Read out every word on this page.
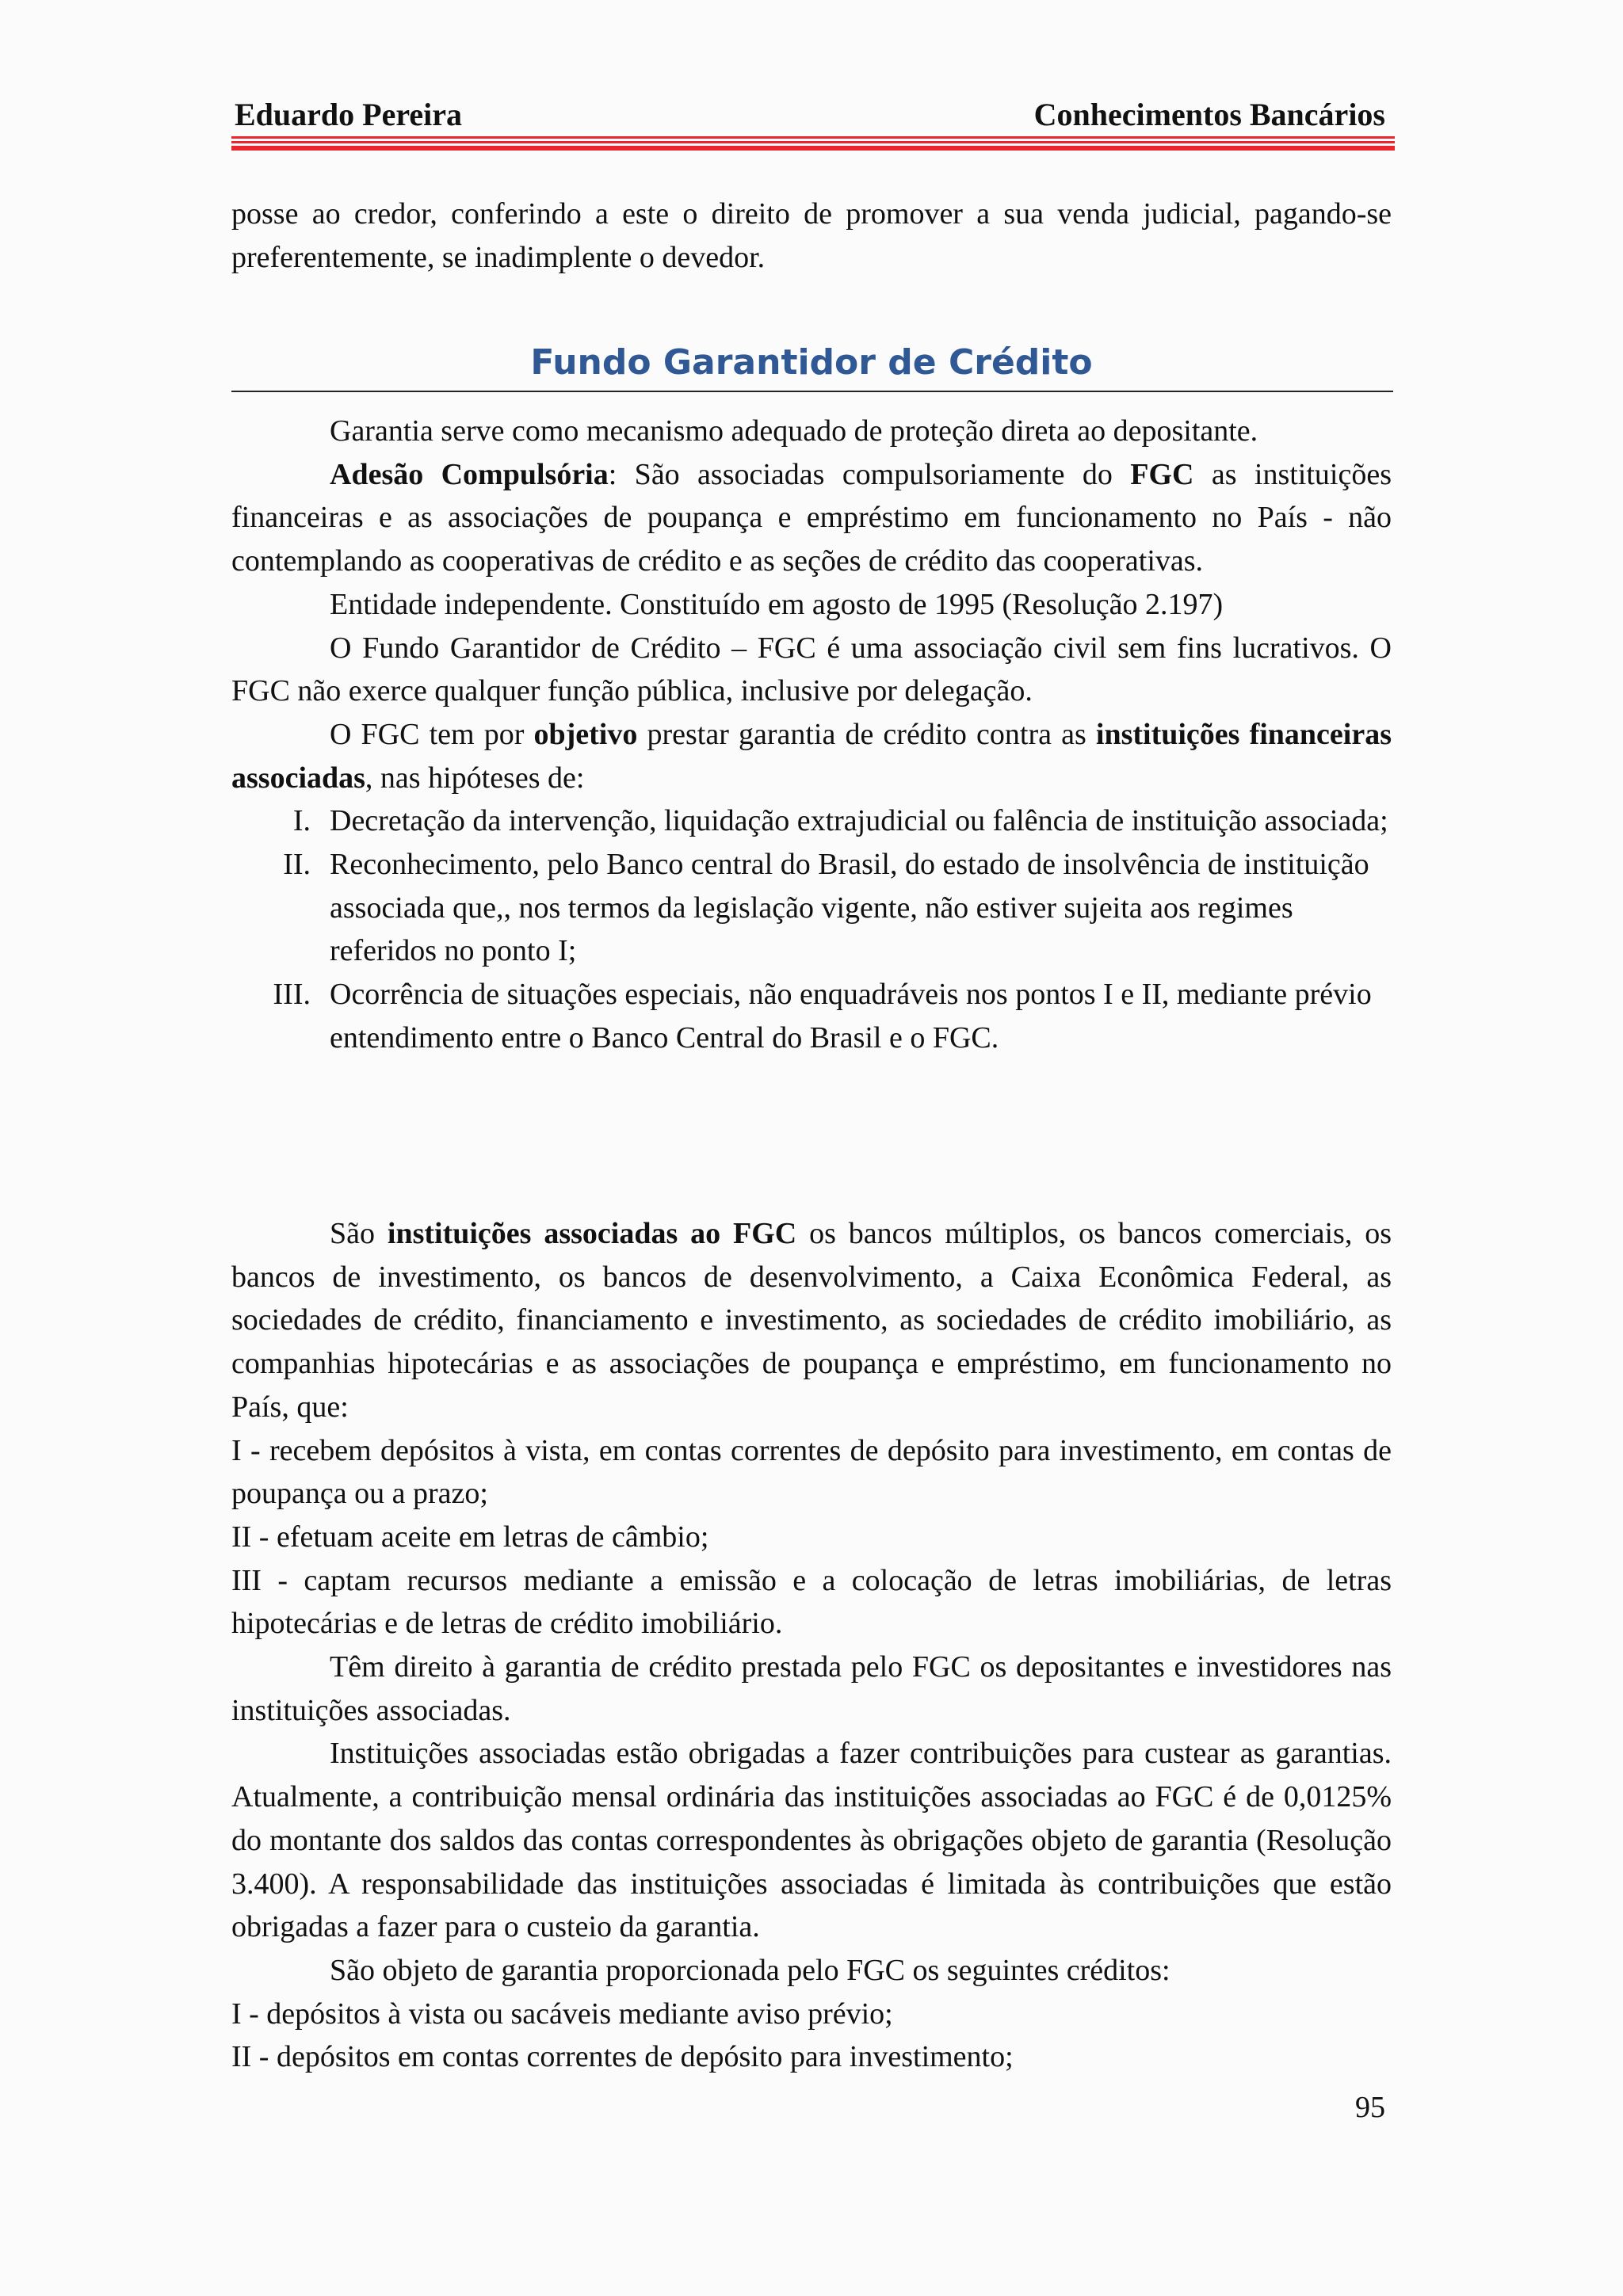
Eduardo Pereira	Conhecimentos Bancários

posse ao credor, conferindo a este o direito de promover a sua venda judicial, pagando-se preferentemente, se inadimplente o devedor.

Fundo Garantidor de Crédito

Garantia serve como mecanismo adequado de proteção direta ao depositante.

Adesão Compulsória: São associadas compulsoriamente do FGC as instituições financeiras e as associações de poupança e empréstimo em funcionamento no País - não contemplando as cooperativas de crédito e as seções de crédito das cooperativas.

Entidade independente. Constituído em agosto de 1995 (Resolução 2.197)

O Fundo Garantidor de Crédito – FGC é uma associação civil sem fins lucrativos. O FGC não exerce qualquer função pública, inclusive por delegação.

O FGC tem por objetivo prestar garantia de crédito contra as instituições financeiras associadas, nas hipóteses de:

I. Decretação da intervenção, liquidação extrajudicial ou falência de instituição associada;
II. Reconhecimento, pelo Banco central do Brasil, do estado de insolvência de instituição associada que,, nos termos da legislação vigente, não estiver sujeita aos regimes referidos no ponto I;
III. Ocorrência de situações especiais, não enquadráveis nos pontos I e II, mediante prévio entendimento entre o Banco Central do Brasil e o FGC.

São instituições associadas ao FGC os bancos múltiplos, os bancos comerciais, os bancos de investimento, os bancos de desenvolvimento, a Caixa Econômica Federal, as sociedades de crédito, financiamento e investimento, as sociedades de crédito imobiliário, as companhias hipotecárias e as associações de poupança e empréstimo, em funcionamento no País, que:

I - recebem depósitos à vista, em contas correntes de depósito para investimento, em contas de poupança ou a prazo;

II - efetuam aceite em letras de câmbio;

III - captam recursos mediante a emissão e a colocação de letras imobiliárias, de letras hipotecárias e de letras de crédito imobiliário.

Têm direito à garantia de crédito prestada pelo FGC os depositantes e investidores nas instituições associadas.

Instituições associadas estão obrigadas a fazer contribuições para custear as garantias. Atualmente, a contribuição mensal ordinária das instituições associadas ao FGC é de 0,0125% do montante dos saldos das contas correspondentes às obrigações objeto de garantia (Resolução 3.400). A responsabilidade das instituições associadas é limitada às contribuições que estão obrigadas a fazer para o custeio da garantia.

São objeto de garantia proporcionada pelo FGC os seguintes créditos:

I - depósitos à vista ou sacáveis mediante aviso prévio;

II - depósitos em contas correntes de depósito para investimento;

95
